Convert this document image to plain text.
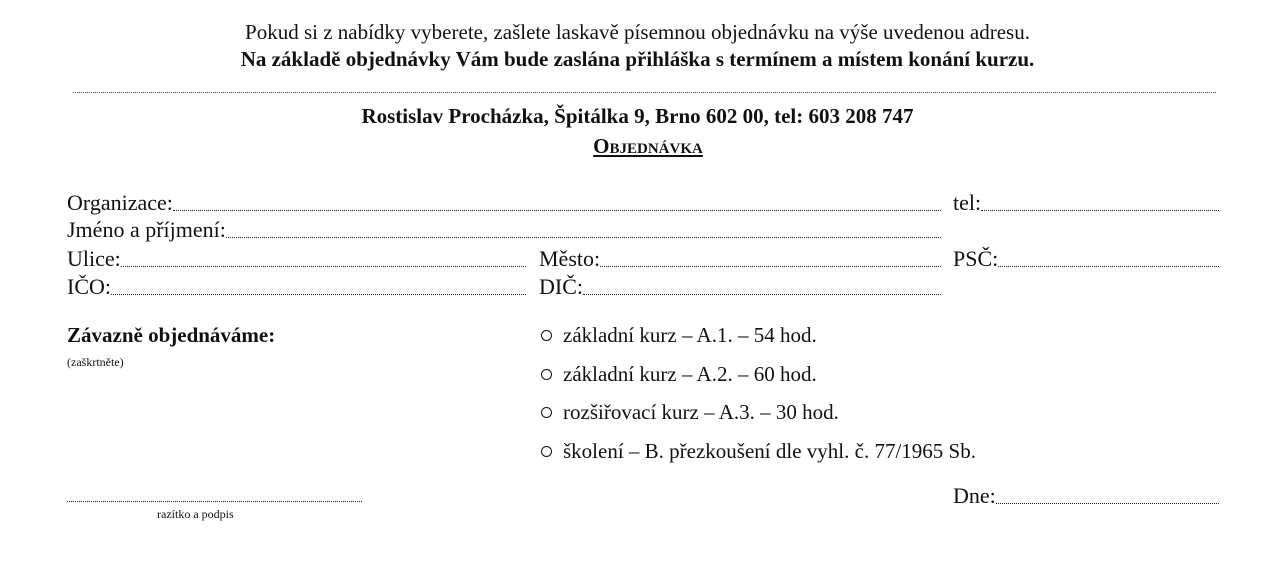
Pokud si z nabídky vyberete, zašlete laskavě písemnou objednávku na výše uvedenou adresu.
Na základě objednávky Vám bude zaslána přihláška s termínem a místem konání kurzu.
Rostislav Procházka, Špitálka 9, Brno 602 00, tel: 603 208 747
Objednávka
Organizace:	tel:
Jméno a příjmení:
Ulice:	Město:	PSČ:
IČO:	DIČ:
Závazně objednáváme:
(zaškrtněte)
základní kurz – A.1. – 54 hod.
základní kurz – A.2. – 60 hod.
rozšiřovací kurz – A.3. – 30 hod.
školení – B. přezkoušení dle vyhl. č. 77/1965 Sb.
razítko a podpis
Dne:
